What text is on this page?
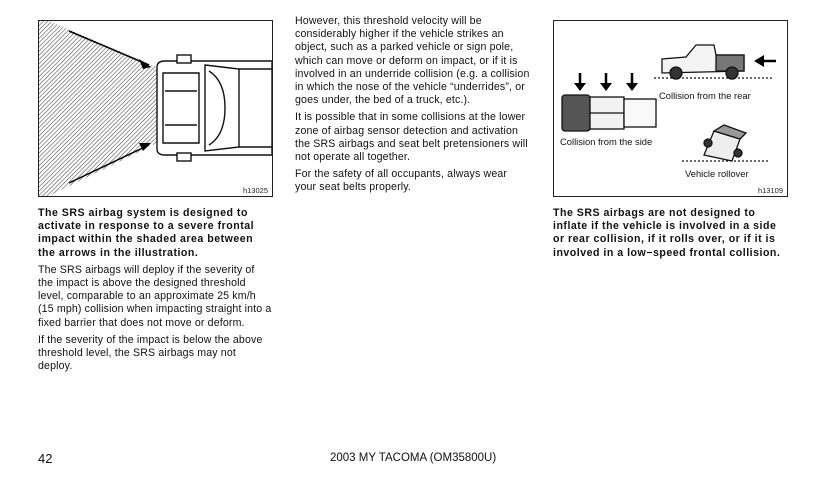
h13025

The SRS airbag system is designed to activate in response to a severe frontal impact within the shaded area between the arrows in the illustration.

The SRS airbags will deploy if the severity of the impact is above the designed threshold level, comparable to an approximate 25 km/h (15 mph) collision when impacting straight into a fixed barrier that does not move or deform.

If the severity of the impact is below the above threshold level, the SRS airbags may not deploy.

However, this threshold velocity will be considerably higher if the vehicle strikes an object, such as a parked vehicle or sign pole, which can move or deform on impact, or if it is involved in an underride collision (e.g. a collision in which the nose of the vehicle “underrides”, or goes under, the bed of a truck, etc.).

It is possible that in some collisions at the lower zone of airbag sensor detection and activation the SRS airbags and seat belt pretensioners will not operate all together.

For the safety of all occupants, always wear your seat belts properly.

Collision from the rear
Collision from the side
Vehicle rollover
h13109

The SRS airbags are not designed to inflate if the vehicle is involved in a side or rear collision, if it rolls over, or if it is involved in a low−speed frontal collision.

42	2003 MY TACOMA (OM35800U)
